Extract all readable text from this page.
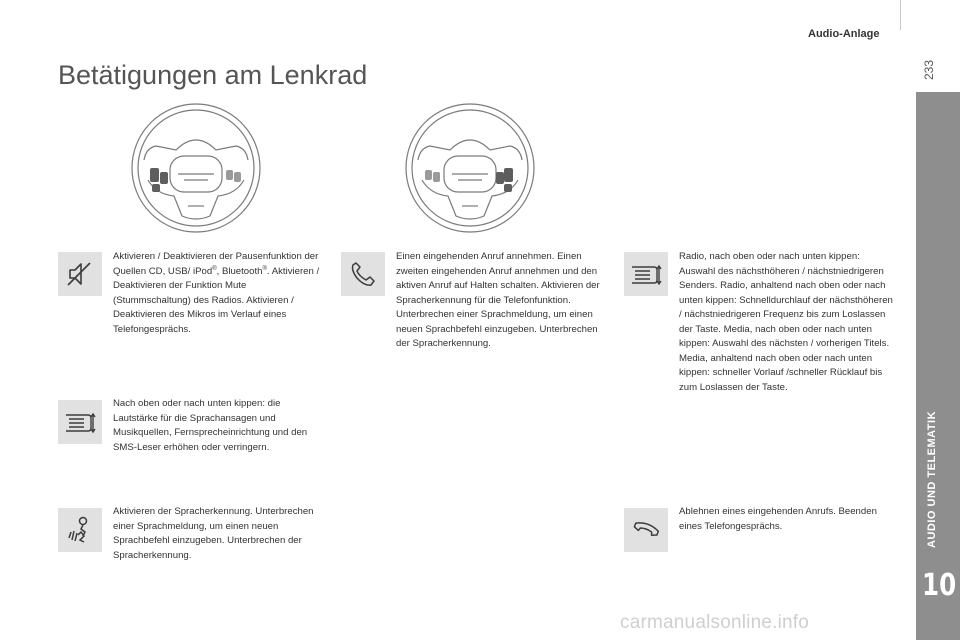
Audio-Anlage
233
AUDIO UND TELEMATIK
10
Betätigungen am Lenkrad

Aktivieren / Deaktivieren der Pausenfunktion der Quellen CD, USB/ iPod®, Bluetooth®. Aktivieren / Deaktivieren der Funktion Mute (Stummschaltung) des Radios. Aktivieren / Deaktivieren des Mikros im Verlauf eines Telefongesprächs.

Nach oben oder nach unten kippen: die Lautstärke für die Sprachansagen und Musikquellen, Fernsprecheinrichtung und den SMS-Leser erhöhen oder verringern.

Aktivieren der Spracherkennung. Unterbrechen einer Sprachmeldung, um einen neuen Sprachbefehl einzugeben. Unterbrechen der Spracherkennung.

Einen eingehenden Anruf annehmen. Einen zweiten eingehenden Anruf annehmen und den aktiven Anruf auf Halten schalten. Aktivieren der Spracherkennung für die Telefonfunktion. Unterbrechen einer Sprachmeldung, um einen neuen Sprachbefehl einzugeben. Unterbrechen der Spracherkennung.

Radio, nach oben oder nach unten kippen: Auswahl des nächsthöheren / nächstniedrigeren Senders. Radio, anhaltend nach oben oder nach unten kippen: Schnelldurchlauf der nächsthöheren / nächstniedrigeren Frequenz bis zum Loslassen der Taste. Media, nach oben oder nach unten kippen: Auswahl des nächsten / vorherigen Titels. Media, anhaltend nach oben oder nach unten kippen: schneller Vorlauf /schneller Rücklauf bis zum Loslassen der Taste.

Ablehnen eines eingehenden Anrufs. Beenden eines Telefongesprächs.

carmanualsonline.info
